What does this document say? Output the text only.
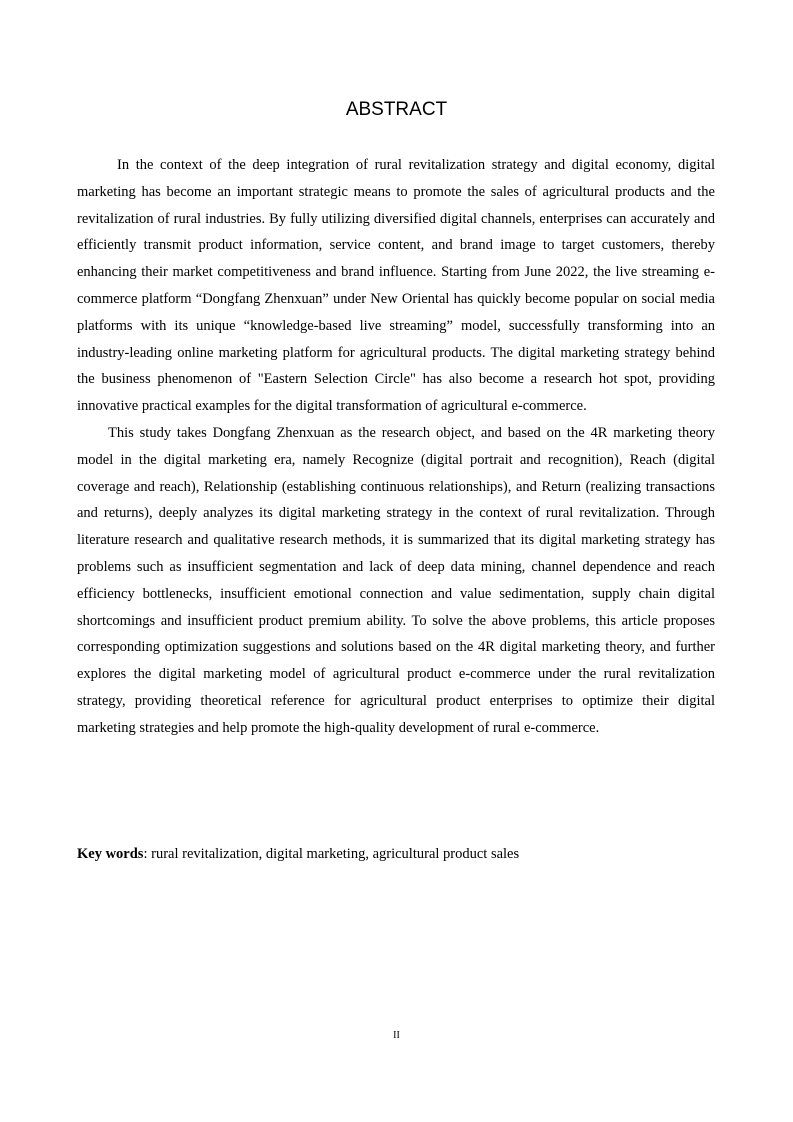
ABSTRACT

In the context of the deep integration of rural revitalization strategy and digital economy, digital marketing has become an important strategic means to promote the sales of agricultural products and the revitalization of rural industries. By fully utilizing diversified digital channels, enterprises can accurately and efficiently transmit product information, service content, and brand image to target customers, thereby enhancing their market competitiveness and brand influence. Starting from June 2022, the live streaming e-commerce platform “Dongfang Zhenxuan” under New Oriental has quickly become popular on social media platforms with its unique “knowledge-based live streaming” model, successfully transforming into an industry-leading online marketing platform for agricultural products. The digital marketing strategy behind the business phenomenon of "Eastern Selection Circle" has also become a research hot spot, providing innovative practical examples for the digital transformation of agricultural e-commerce.

This study takes Dongfang Zhenxuan as the research object, and based on the 4R marketing theory model in the digital marketing era, namely Recognize (digital portrait and recognition), Reach (digital coverage and reach), Relationship (establishing continuous relationships), and Return (realizing transactions and returns), deeply analyzes its digital marketing strategy in the context of rural revitalization. Through literature research and qualitative research methods, it is summarized that its digital marketing strategy has problems such as insufficient segmentation and lack of deep data mining, channel dependence and reach efficiency bottlenecks, insufficient emotional connection and value sedimentation, supply chain digital shortcomings and insufficient product premium ability. To solve the above problems, this article proposes corresponding optimization suggestions and solutions based on the 4R digital marketing theory, and further explores the digital marketing model of agricultural product e-commerce under the rural revitalization strategy, providing theoretical reference for agricultural product enterprises to optimize their digital marketing strategies and help promote the high-quality development of rural e-commerce.

Key words: rural revitalization, digital marketing, agricultural product sales
II
